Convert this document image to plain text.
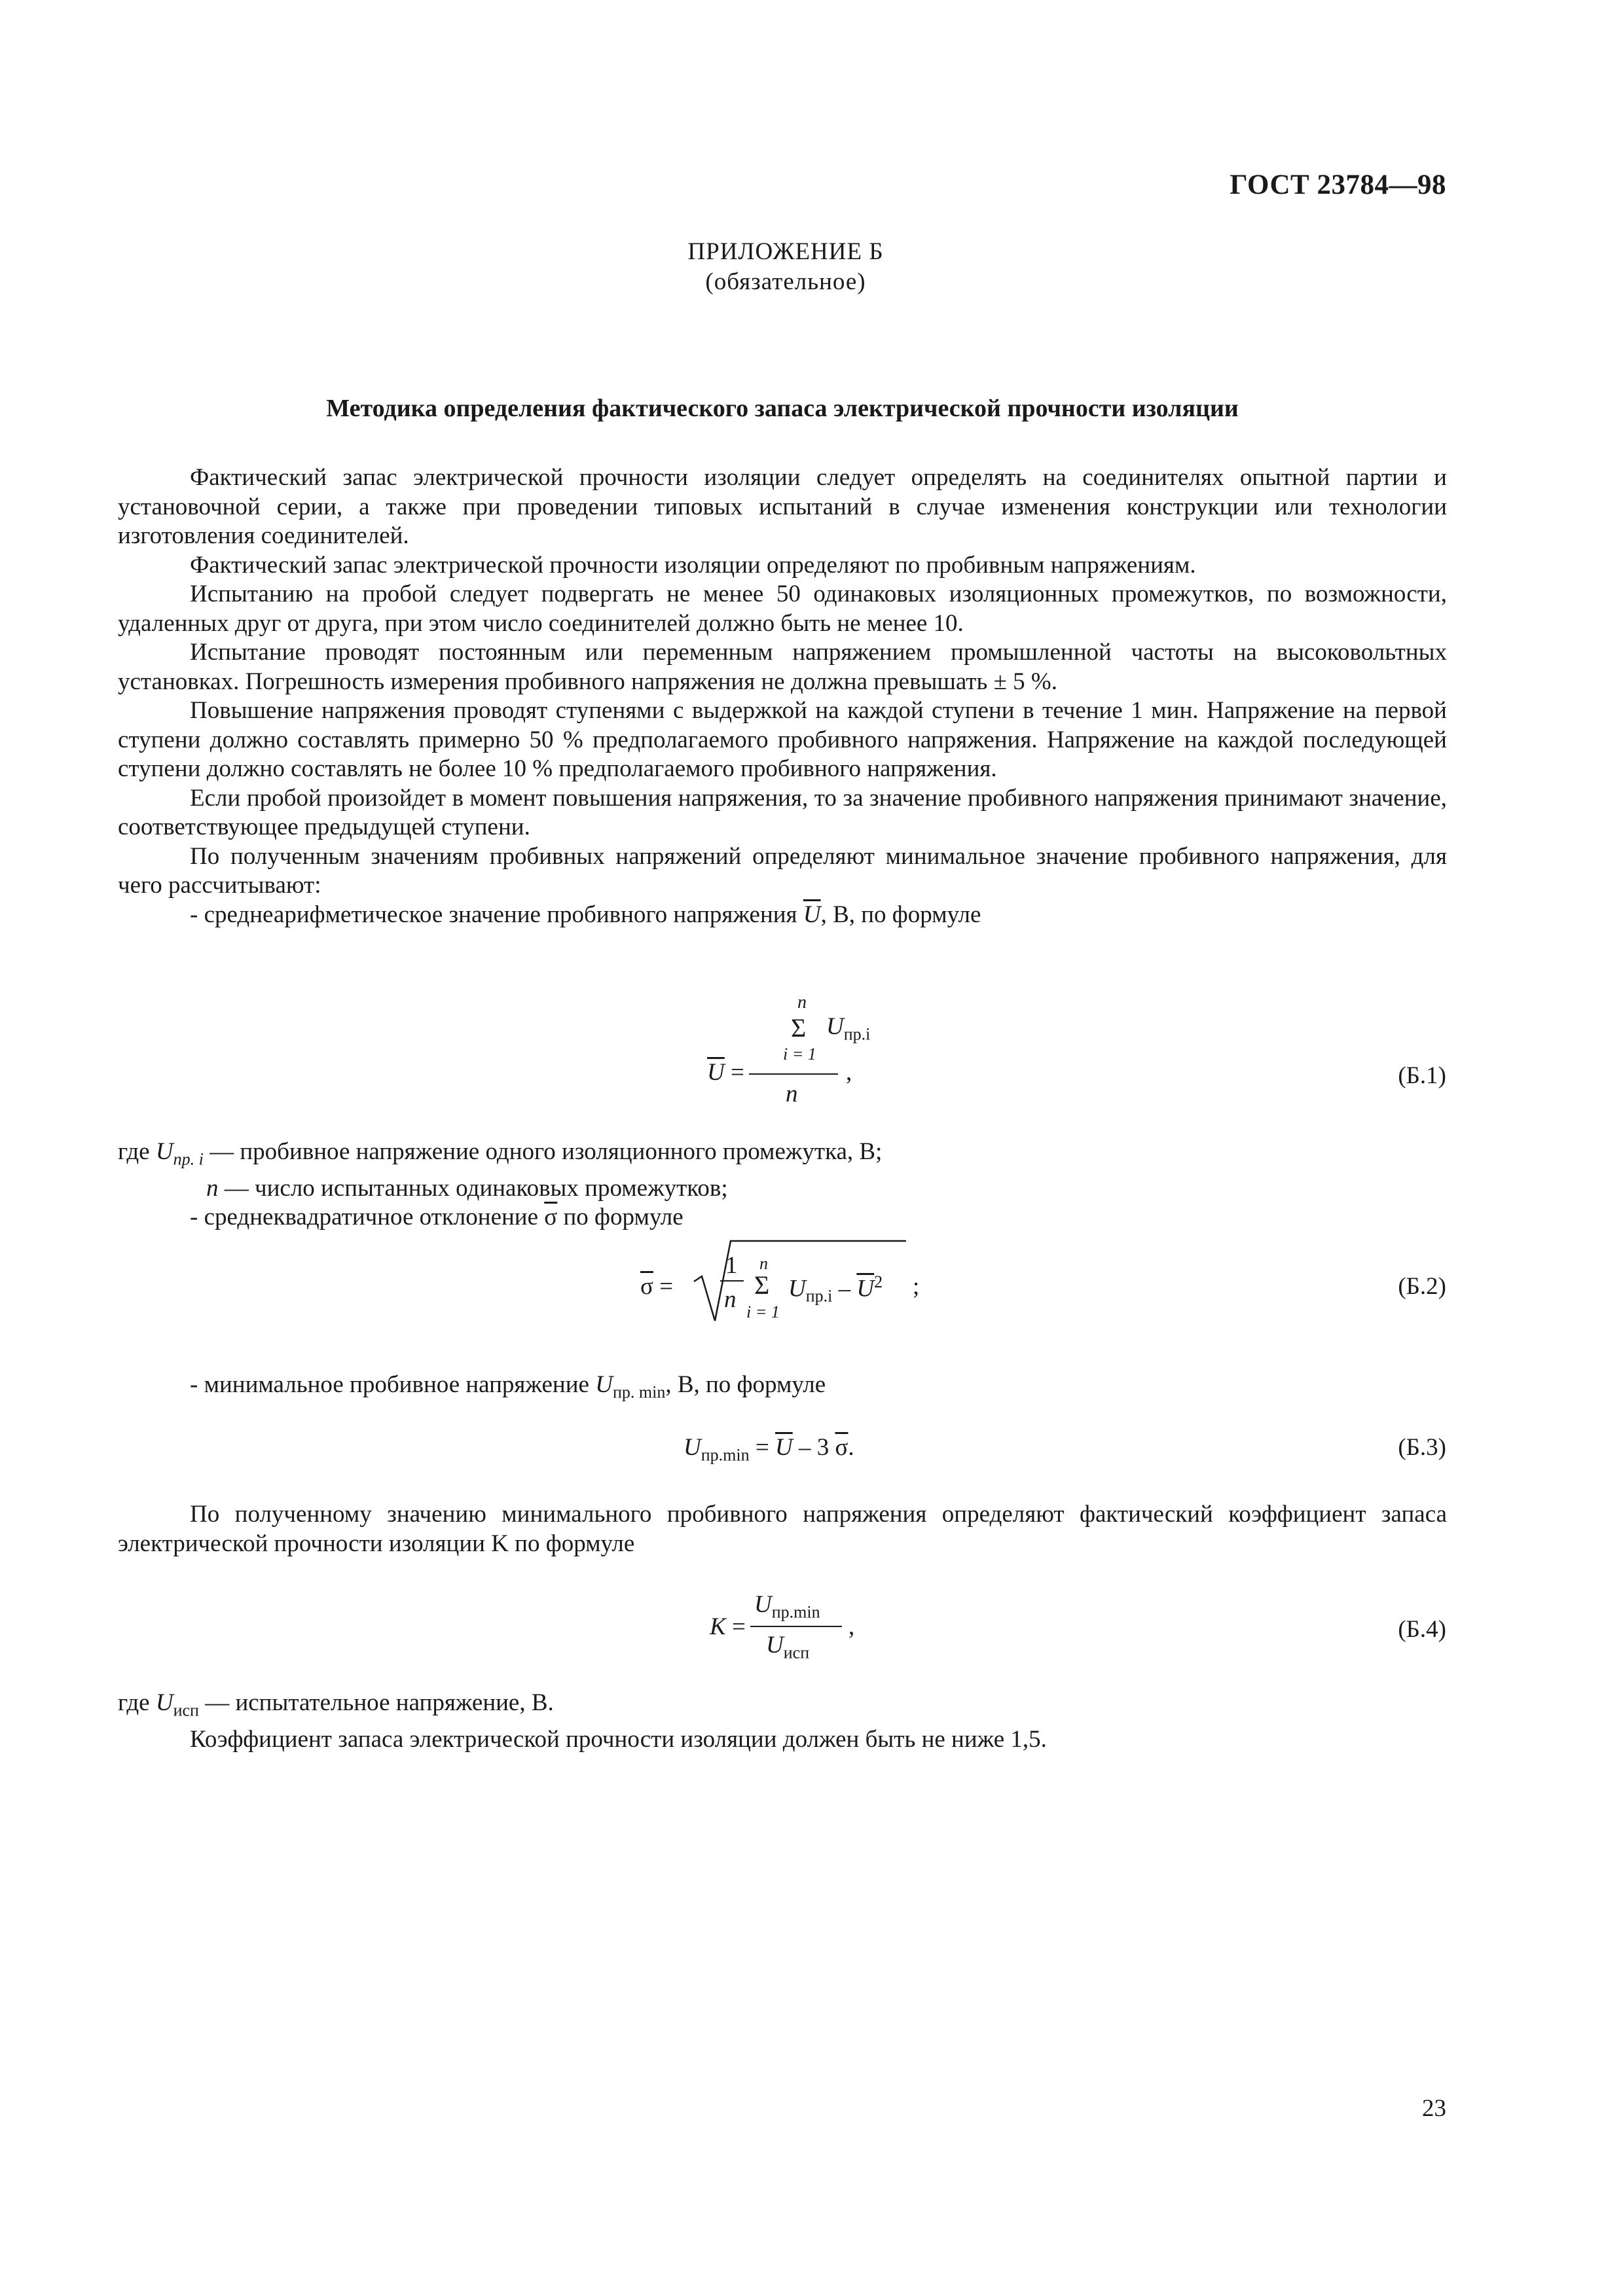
ГОСТ 23784—98
ПРИЛОЖЕНИЕ Б
(обязательное)
Методика определения фактического запаса электрической прочности изоляции

Фактический запас электрической прочности изоляции следует определять на соединителях опытной партии и установочной серии, а также при проведении типовых испытаний в случае изменения конструкции или технологии изготовления соединителей.

Фактический запас электрической прочности изоляции определяют по пробивным напряжениям.

Испытанию на пробой следует подвергать не менее 50 одинаковых изоляционных промежутков, по возможности, удаленных друг от друга, при этом число соединителей должно быть не менее 10.

Испытание проводят постоянным или переменным напряжением промышленной частоты на высоковольтных установках. Погрешность измерения пробивного напряжения не должна превышать ± 5 %.

Повышение напряжения проводят ступенями с выдержкой на каждой ступени в течение 1 мин. Напряжение на первой ступени должно составлять примерно 50 % предполагаемого пробивного напряжения. Напряжение на каждой последующей ступени должно составлять не более 10 % предполагаемого пробивного напряжения.

Если пробой произойдет в момент повышения напряжения, то за значение пробивного напряжения принимают значение, соответствующее предыдущей ступени.

По полученным значениям пробивных напряжений определяют минимальное значение пробивного напряжения, для чего рассчитывают:

- среднеарифметическое значение пробивного напряжения $\overline{U}$, В, по формуле
n
Σ $U_{пр.i}$
i = 1
$\overline{U}$ =
n
,	(Б.1)
где $U_{пр. i}$ — пробивное напряжение одного изоляционного промежутка, В;
n — число испытанных одинаковых промежутков;
- среднеквадратичное отклонение $\overline{\sigma}$ по формуле
$\overline{\sigma}$ =
1
n
n
Σ
i = 1
$U_{пр.i} - \overline{U}^2$ ;	(Б.2)
- минимальное пробивное напряжение $U_{пр. min}$, В, по формуле
$U_{пр.min} = \overline{U} - 3$ $\overline{\sigma}$.	(Б.3)

По полученному значению минимального пробивного напряжения определяют фактический коэффициент запаса электрической прочности изоляции K по формуле

K =
$U_{пр.min}$
$U_{исп}$
,	(Б.4)
где $U_{исп}$ — испытательное напряжение, В.
Коэффициент запаса электрической прочности изоляции должен быть не ниже 1,5.
23
